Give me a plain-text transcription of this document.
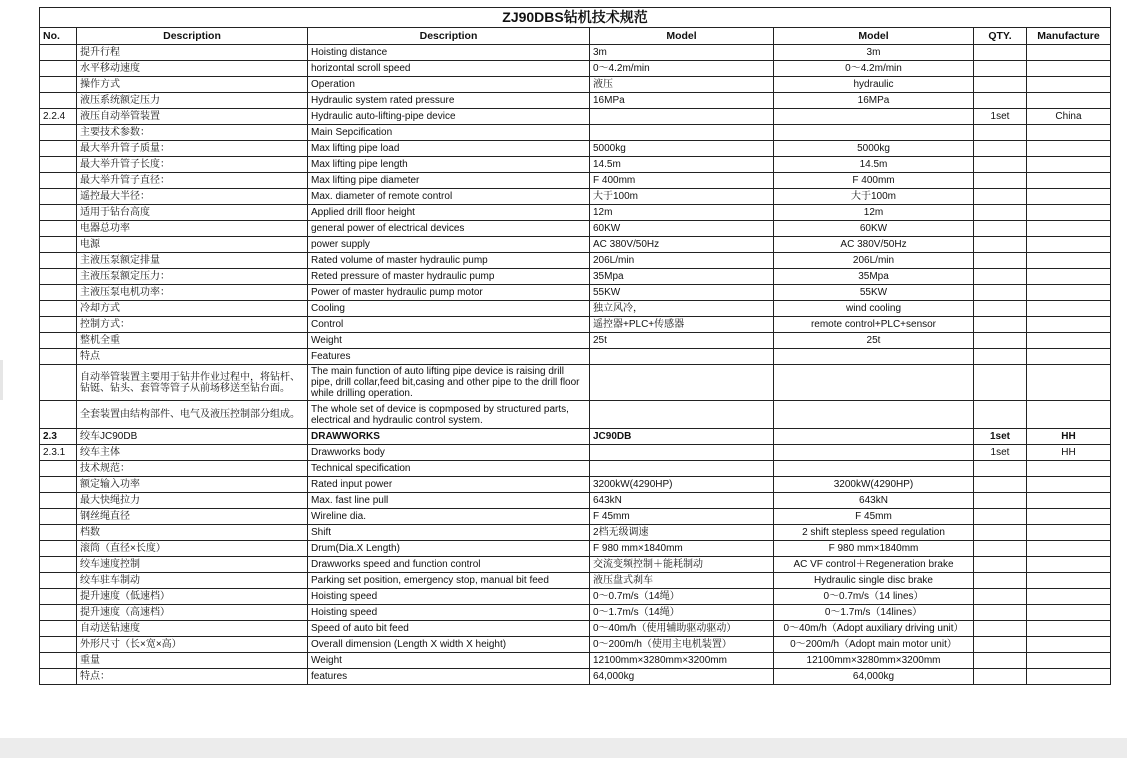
ZJ90DBS钻机技术规范						
No.	Description	Description	Model	Model	QTY.	Manufacture
	提升行程	Hoisting distance	3m	3m		
	水平移动速度	horizontal scroll speed	0～4.2m/min	0～4.2m/min		
	操作方式	Operation	液压	hydraulic		
	液压系统额定压力	Hydraulic system rated pressure	16MPa	16MPa		
2.2.4	液压自动举管装置	Hydraulic auto-lifting-pipe device			1set	China
	主要技术参数：	Main Sepcification				
	最大举升管子质量：	Max lifting pipe load	5000kg	5000kg		
	最大举升管子长度：	Max lifting pipe length	14.5m	14.5m		
	最大举升管子直径：	Max lifting pipe diameter	F 400mm	F 400mm		
	遥控最大半径：	Max. diameter of remote control	大于100m	大于100m		
	适用于钻台高度	Applied drill floor height	12m	12m		
	电器总功率	general power of electrical devices	60KW	60KW		
	电源	power supply	AC 380V/50Hz	AC 380V/50Hz		
	主液压泵额定排量	Rated volume of master hydraulic pump	206L/min	206L/min		
	主液压泵额定压力：	Reted pressure of master hydraulic pump	35Mpa	35Mpa		
	主液压泵电机功率：	Power of master hydraulic pump motor	55KW	55KW		
	冷却方式	Cooling	独立风冷，	wind cooling		
	控制方式：	Control	遥控器+PLC+传感器	remote control+PLC+sensor		
	整机全重	Weight	25t	25t		
	特点	Features				
	自动举管装置主要用于钻井作业过程中，将钻杆、钻铤、钻头、套管等管子从前场移送至钻台面。	The main function of auto lifting pipe device is raising drill pipe, drill collar,feed bit,casing and other pipe to the drill floor while drilling operation.				
	全套装置由结构部件、电气及液压控制部分组成。	The whole set of device is copmposed by structured parts, electrical and hydraulic control system.				
2.3	绞车JC90DB	DRAWWORKS	JC90DB		1set	HH
2.3.1	绞车主体	Drawworks body			1set	HH
	技术规范：	Technical specification				
	额定输入功率	Rated input power	3200kW(4290HP)	3200kW(4290HP)		
	最大快绳拉力	Max. fast line pull	643kN	643kN		
	钢丝绳直径	Wireline dia.	F 45mm	F 45mm		
	档数	Shift	2档无级调速	2 shift stepless speed regulation		
	滚筒（直径×长度）	Drum(Dia.X Length)	F 980 mm×1840mm	F 980 mm×1840mm		
	绞车速度控制	Drawworks speed and function control	交流变频控制＋能耗制动	AC VF control＋Regeneration brake		
	绞车驻车制动	Parking set position, emergency stop, manual bit feed	液压盘式刹车	Hydraulic single disc brake		
	提升速度（低速档）	Hoisting speed	0～0.7m/s（14绳）	0～0.7m/s（14 lines）		
	提升速度（高速档）	Hoisting speed	0～1.7m/s（14绳）	0～1.7m/s（14lines）		
	自动送钻速度	Speed of auto bit feed	0～40m/h（使用辅助驱动驱动）	0～40m/h（Adopt auxiliary driving unit）		
	外形尺寸（长×宽×高）	Overall dimension (Length X width X height)	0～200m/h（使用主电机装置）	0～200m/h（Adopt main motor unit）		
	重量	Weight	12100mm×3280mm×3200mm	12100mm×3280mm×3200mm		
	特点：	features	64,000kg	64,000kg		
